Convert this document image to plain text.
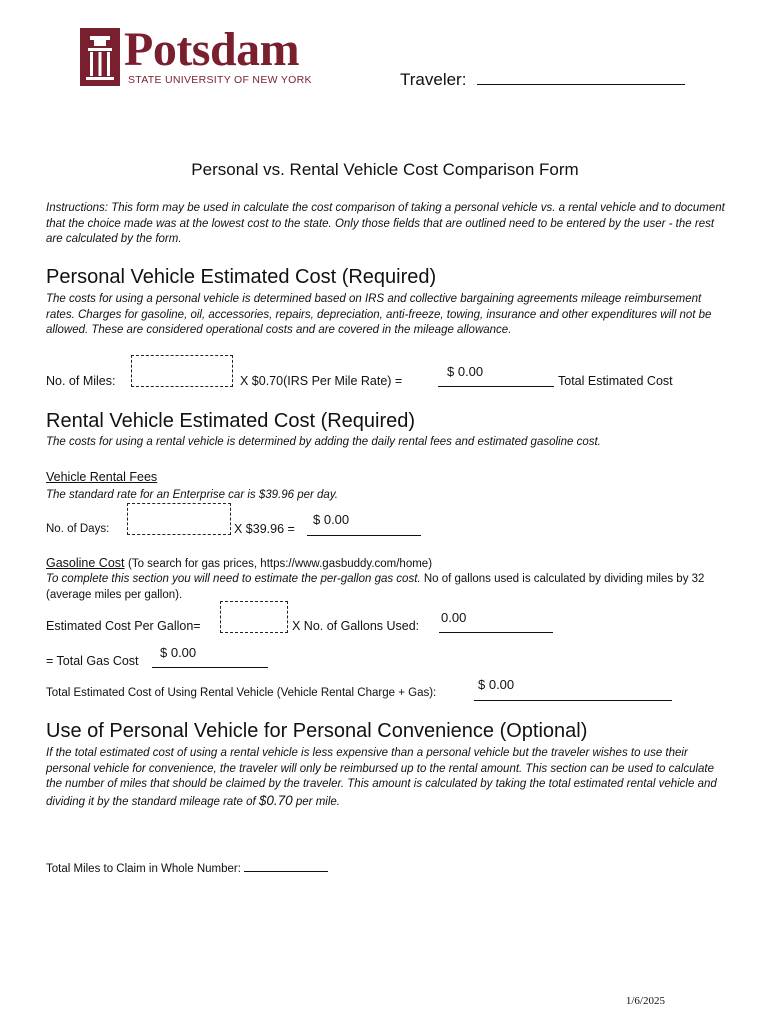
Potsdam
STATE UNIVERSITY OF NEW YORK	Traveler:
Personal vs. Rental Vehicle Cost Comparison Form
Instructions: This form may be used in calculate the cost comparison of taking a personal vehicle vs. a rental vehicle and to document that the choice made was at the lowest cost to the state. Only those fields that are outlined need to be entered by the user - the rest are calculated by the form.
Personal Vehicle Estimated Cost (Required)
The costs for using a personal vehicle is determined based on IRS and collective bargaining agreements mileage reimbursement rates. Charges for gasoline, oil, accessories, repairs, depreciation, anti-freeze, towing, insurance and other expenditures will not be allowed. These are considered operational costs and are covered in the mileage allowance.
No. of Miles:	X $0.70(IRS Per Mile Rate) =
$ 0.00
Total Estimated Cost
Rental Vehicle Estimated Cost (Required)
The costs for using a rental vehicle is determined by adding the daily rental fees and estimated gasoline cost.
Vehicle Rental Fees
The standard rate for an Enterprise car is $39.96 per day.
No. of Days:	X $39.96 =
$ 0.00
Gasoline Cost (To search for gas prices, https://www.gasbuddy.com/home)
To complete this section you will need to estimate the per-gallon gas cost. No of gallons used is calculated by dividing miles by 32 (average miles per gallon).
Estimated Cost Per Gallon=	X No. of Gallons Used:
0.00
= Total Gas Cost
$ 0.00
Total Estimated Cost of Using Rental Vehicle (Vehicle Rental Charge + Gas):
$ 0.00
Use of Personal Vehicle for Personal Convenience (Optional)
If the total estimated cost of using a rental vehicle is less expensive than a personal vehicle but the traveler wishes to use their personal vehicle for convenience, the traveler will only be reimbursed up to the rental amount. This section can be used to calculate the number of miles that should be claimed by the traveler. This amount is calculated by taking the total estimated rental vehicle and dividing it by the standard mileage rate of $0.70 per mile.
Total Miles to Claim in Whole Number:
1/6/2025
